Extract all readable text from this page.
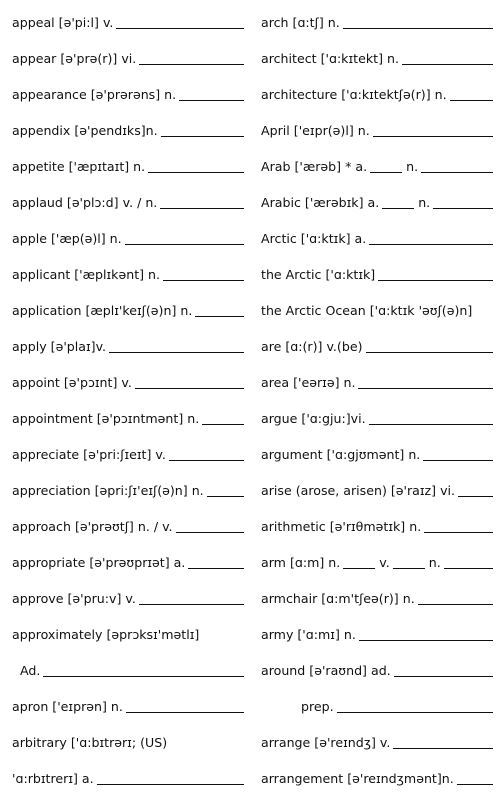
appeal [ə'pi:l] v.
appear [ə'prə(r)] vi.
appearance [ə'prərəns] n.
appendix [ə'pendɪks]n.
appetite ['æpɪtaɪt] n.
applaud [ə'plɔ:d] v. / n.
apple ['æp(ə)l] n.
applicant ['æplɪkənt] n.
application [æplɪ'keɪʃ(ə)n] n.
apply [ə'plaɪ]v.
appoint [ə'pɔɪnt] v.
appointment [ə'pɔɪntmənt] n.
appreciate [ə'pri:ʃɪeɪt] v.
appreciation [əpri:ʃɪ'eɪʃ(ə)n] n.
approach [ə'prəʊtʃ] n. / v.
appropriate [ə'prəʊprɪət] a.
approve [ə'pru:v] v.
approximately [əprɔksɪ'mətlɪ]
Ad.
apron ['eɪprən] n.
arbitrary ['ɑ:bɪtrərɪ; (US)
'ɑ:rbɪtrerɪ] a.
arch [ɑ:tʃ] n.
architect ['ɑ:kɪtekt] n.
architecture ['ɑ:kɪtektʃə(r)] n.
April ['eɪpr(ə)l] n.
Arab ['ærəb] * a.	n.
Arabic ['ærəbɪk] a.	n.
Arctic ['ɑ:ktɪk] a.
the Arctic ['ɑ:ktɪk]
the Arctic Ocean ['ɑ:ktɪk 'əʊʃ(ə)n]
are [ɑ:(r)] v.(be)
area ['eərɪə] n.
argue ['ɑ:gju:]vi.
argument ['ɑ:gjʊmənt] n.
arise (arose, arisen) [ə'raɪz] vi.
arithmetic [ə'rɪθmətɪk] n.
arm [ɑ:m] n.	v.	n.
armchair [ɑ:m'tʃeə(r)] n.
army ['ɑ:mɪ] n.
around [ə'raʊnd] ad.
prep.
arrange [ə'reɪndʒ] v.
arrangement [ə'reɪndʒmənt]n.
